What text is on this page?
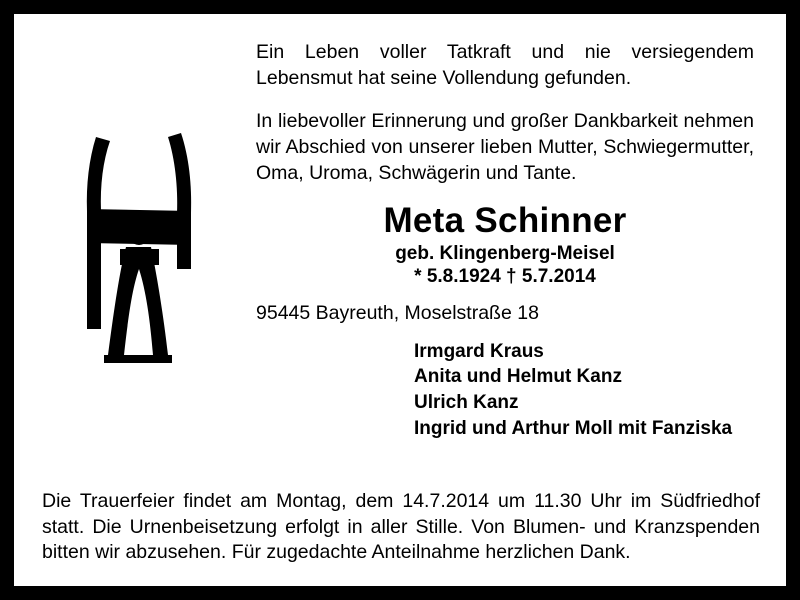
Ein Leben voller Tatkraft und nie versiegendem Lebensmut hat seine Vollendung gefunden.

In liebevoller Erinnerung und großer Dankbarkeit nehmen wir Abschied von unserer lieben Mutter, Schwiegermutter, Oma, Uroma, Schwägerin und Tante.

Meta Schinner
geb. Klingenberg-Meisel
* 5.8.1924 † 5.7.2014
95445 Bayreuth, Moselstraße 18
Irmgard Kraus
Anita und Helmut Kanz
Ulrich Kanz
Ingrid und Arthur Moll mit Fanziska

Die Trauerfeier findet am Montag, dem 14.7.2014 um 11.30 Uhr im Südfriedhof statt. Die Urnenbeisetzung erfolgt in aller Stille. Von Blumen- und Kranzspenden bitten wir abzusehen. Für zugedachte Anteilnahme herzlichen Dank.
